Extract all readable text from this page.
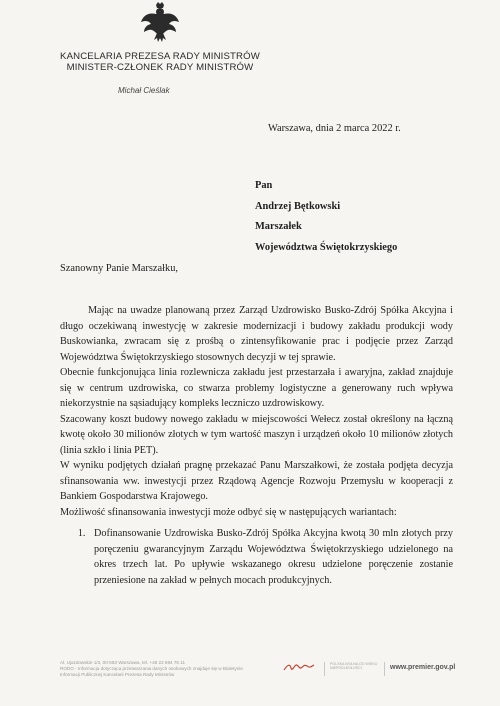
KANCELARIA PREZESA RADY MINISTRÓW
MINISTER-CZŁONEK RADY MINISTRÓW
Michał Cieślak
Warszawa, dnia 2 marca 2022 r.
Pan
Andrzej Bętkowski
Marszałek
Województwa Świętokrzyskiego
Szanowny Panie Marszałku,

Mając na uwadze planowaną przez Zarząd Uzdrowisko Busko-Zdrój Spółka Akcyjna i długo oczekiwaną inwestycję w zakresie modernizacji i budowy zakładu produkcji wody Buskowianka, zwracam się z prośbą o zintensyfikowanie prac i podjęcie przez Zarząd Województwa Świętokrzyskiego stosownych decyzji w tej sprawie.

Obecnie funkcjonująca linia rozlewnicza zakładu jest przestarzała i awaryjna, zakład znajduje się w centrum uzdrowiska, co stwarza problemy logistyczne a generowany ruch wpływa niekorzystnie na sąsiadujący kompleks leczniczo uzdrowiskowy.

Szacowany koszt budowy nowego zakładu w miejscowości Wełecz został określony na łączną kwotę około 30 milionów złotych w tym wartość maszyn i urządzeń około 10 milionów złotych (linia szkło i linia PET).

W wyniku podjętych działań pragnę przekazać Panu Marszałkowi, że została podjęta decyzja sfinansowania ww. inwestycji przez Rządową Agencje Rozwoju Przemysłu w kooperacji z Bankiem Gospodarstwa Krajowego.

Możliwość sfinansowania inwestycji może odbyć się w następujących wariantach:

1. Dofinansowanie Uzdrowiska Busko-Zdrój Spółka Akcyjna kwotą 30 mln złotych przy poręczeniu gwarancyjnym Zarządu Województwa Świętokrzyskiego udzielonego na okres trzech lat. Po upływie wskazanego okresu udzielone poręczenie zostanie przeniesione na zakład w pełnych mocach produkcyjnych.
Al. Ujazdowskie 1/3, 00-583 Warszawa, tel. +48 22 694 75 11
RODO - Informacja dotycząca przetwarzania danych osobowych znajduje się w Biuletynie
Informacji Publicznej Kancelarii Prezesa Rady Ministrów
POLSKA WOLNA OD WIEKU NIEPODLEGŁOŚCI	www.premier.gov.pl
